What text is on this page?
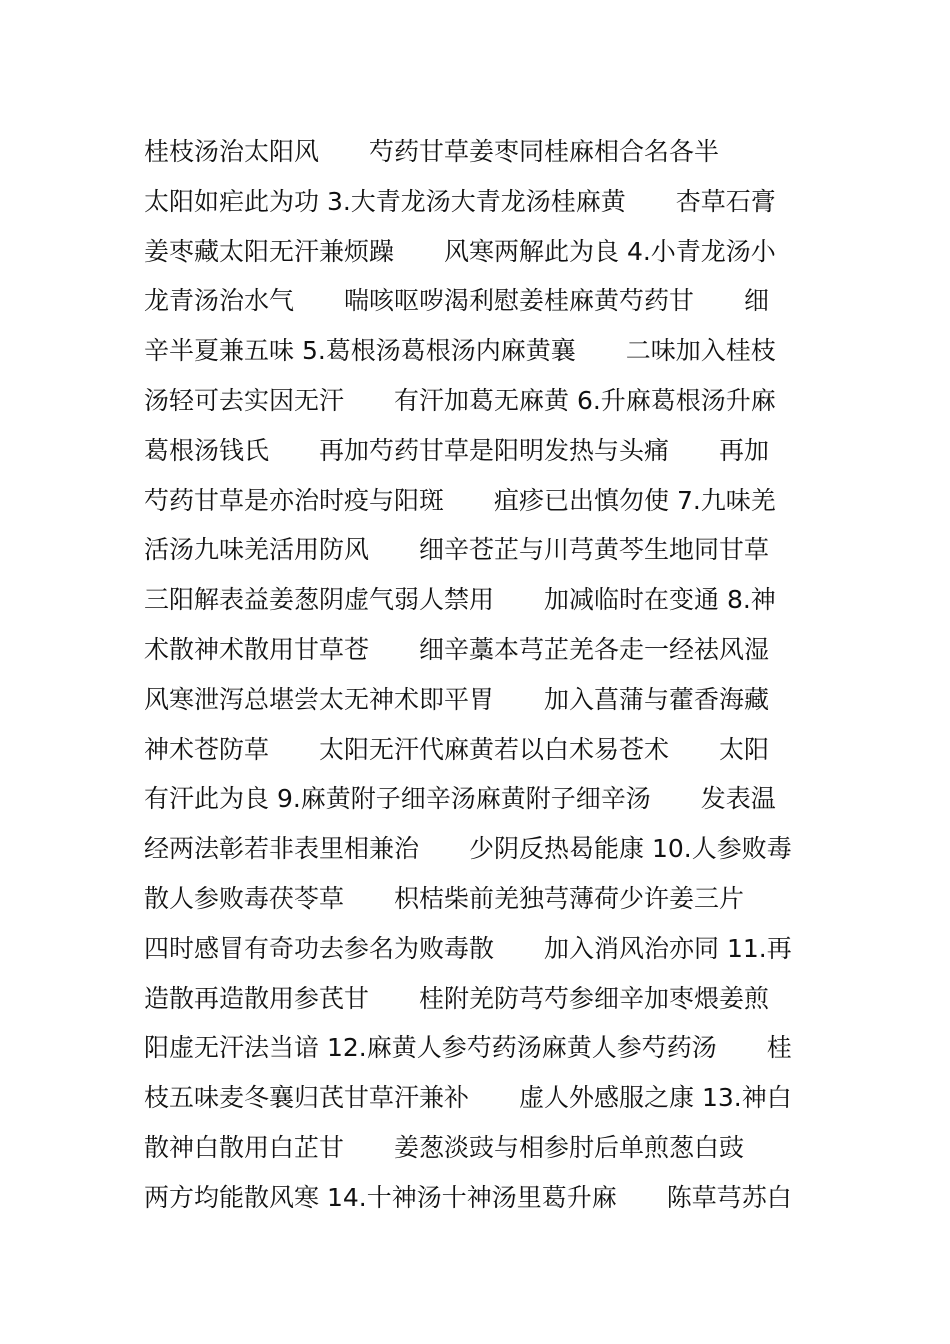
桂枝汤治太阳风　　芍药甘草姜枣同桂麻相合名各半
太阳如疟此为功 3.大青龙汤大青龙汤桂麻黄　　杏草石膏
姜枣藏太阳无汗兼烦躁　　风寒两解此为良 4.小青龙汤小
龙青汤治水气　　喘咳呕哕渴利慰姜桂麻黄芍药甘　　细
辛半夏兼五味 5.葛根汤葛根汤内麻黄襄　　二味加入桂枝
汤轻可去实因无汗　　有汗加葛无麻黄 6.升麻葛根汤升麻
葛根汤钱氏　　再加芍药甘草是阳明发热与头痛　　再加
芍药甘草是亦治时疫与阳斑　　疽疹已出慎勿使 7.九味羌
活汤九味羌活用防风　　细辛苍芷与川芎黄芩生地同甘草
三阳解表益姜葱阴虚气弱人禁用　　加减临时在变通 8.神
术散神术散用甘草苍　　细辛藁本芎芷羌各走一经祛风湿
风寒泄泻总堪尝太无神术即平胃　　加入菖蒲与藿香海藏
神术苍防草　　太阳无汗代麻黄若以白术易苍术　　太阳
有汗此为良 9.麻黄附子细辛汤麻黄附子细辛汤　　发表温
经两法彰若非表里相兼治　　少阴反热曷能康 10.人参败毒
散人参败毒茯苓草　　枳桔柴前羌独芎薄荷少许姜三片
四时感冒有奇功去参名为败毒散　　加入消风治亦同 11.再
造散再造散用参芪甘　　桂附羌防芎芍参细辛加枣煨姜煎
阳虚无汗法当谙 12.麻黄人参芍药汤麻黄人参芍药汤　　桂
枝五味麦冬襄归芪甘草汗兼补　　虚人外感服之康 13.神白
散神白散用白芷甘　　姜葱淡豉与相参肘后单煎葱白豉
两方均能散风寒 14.十神汤十神汤里葛升麻　　陈草芎苏白
